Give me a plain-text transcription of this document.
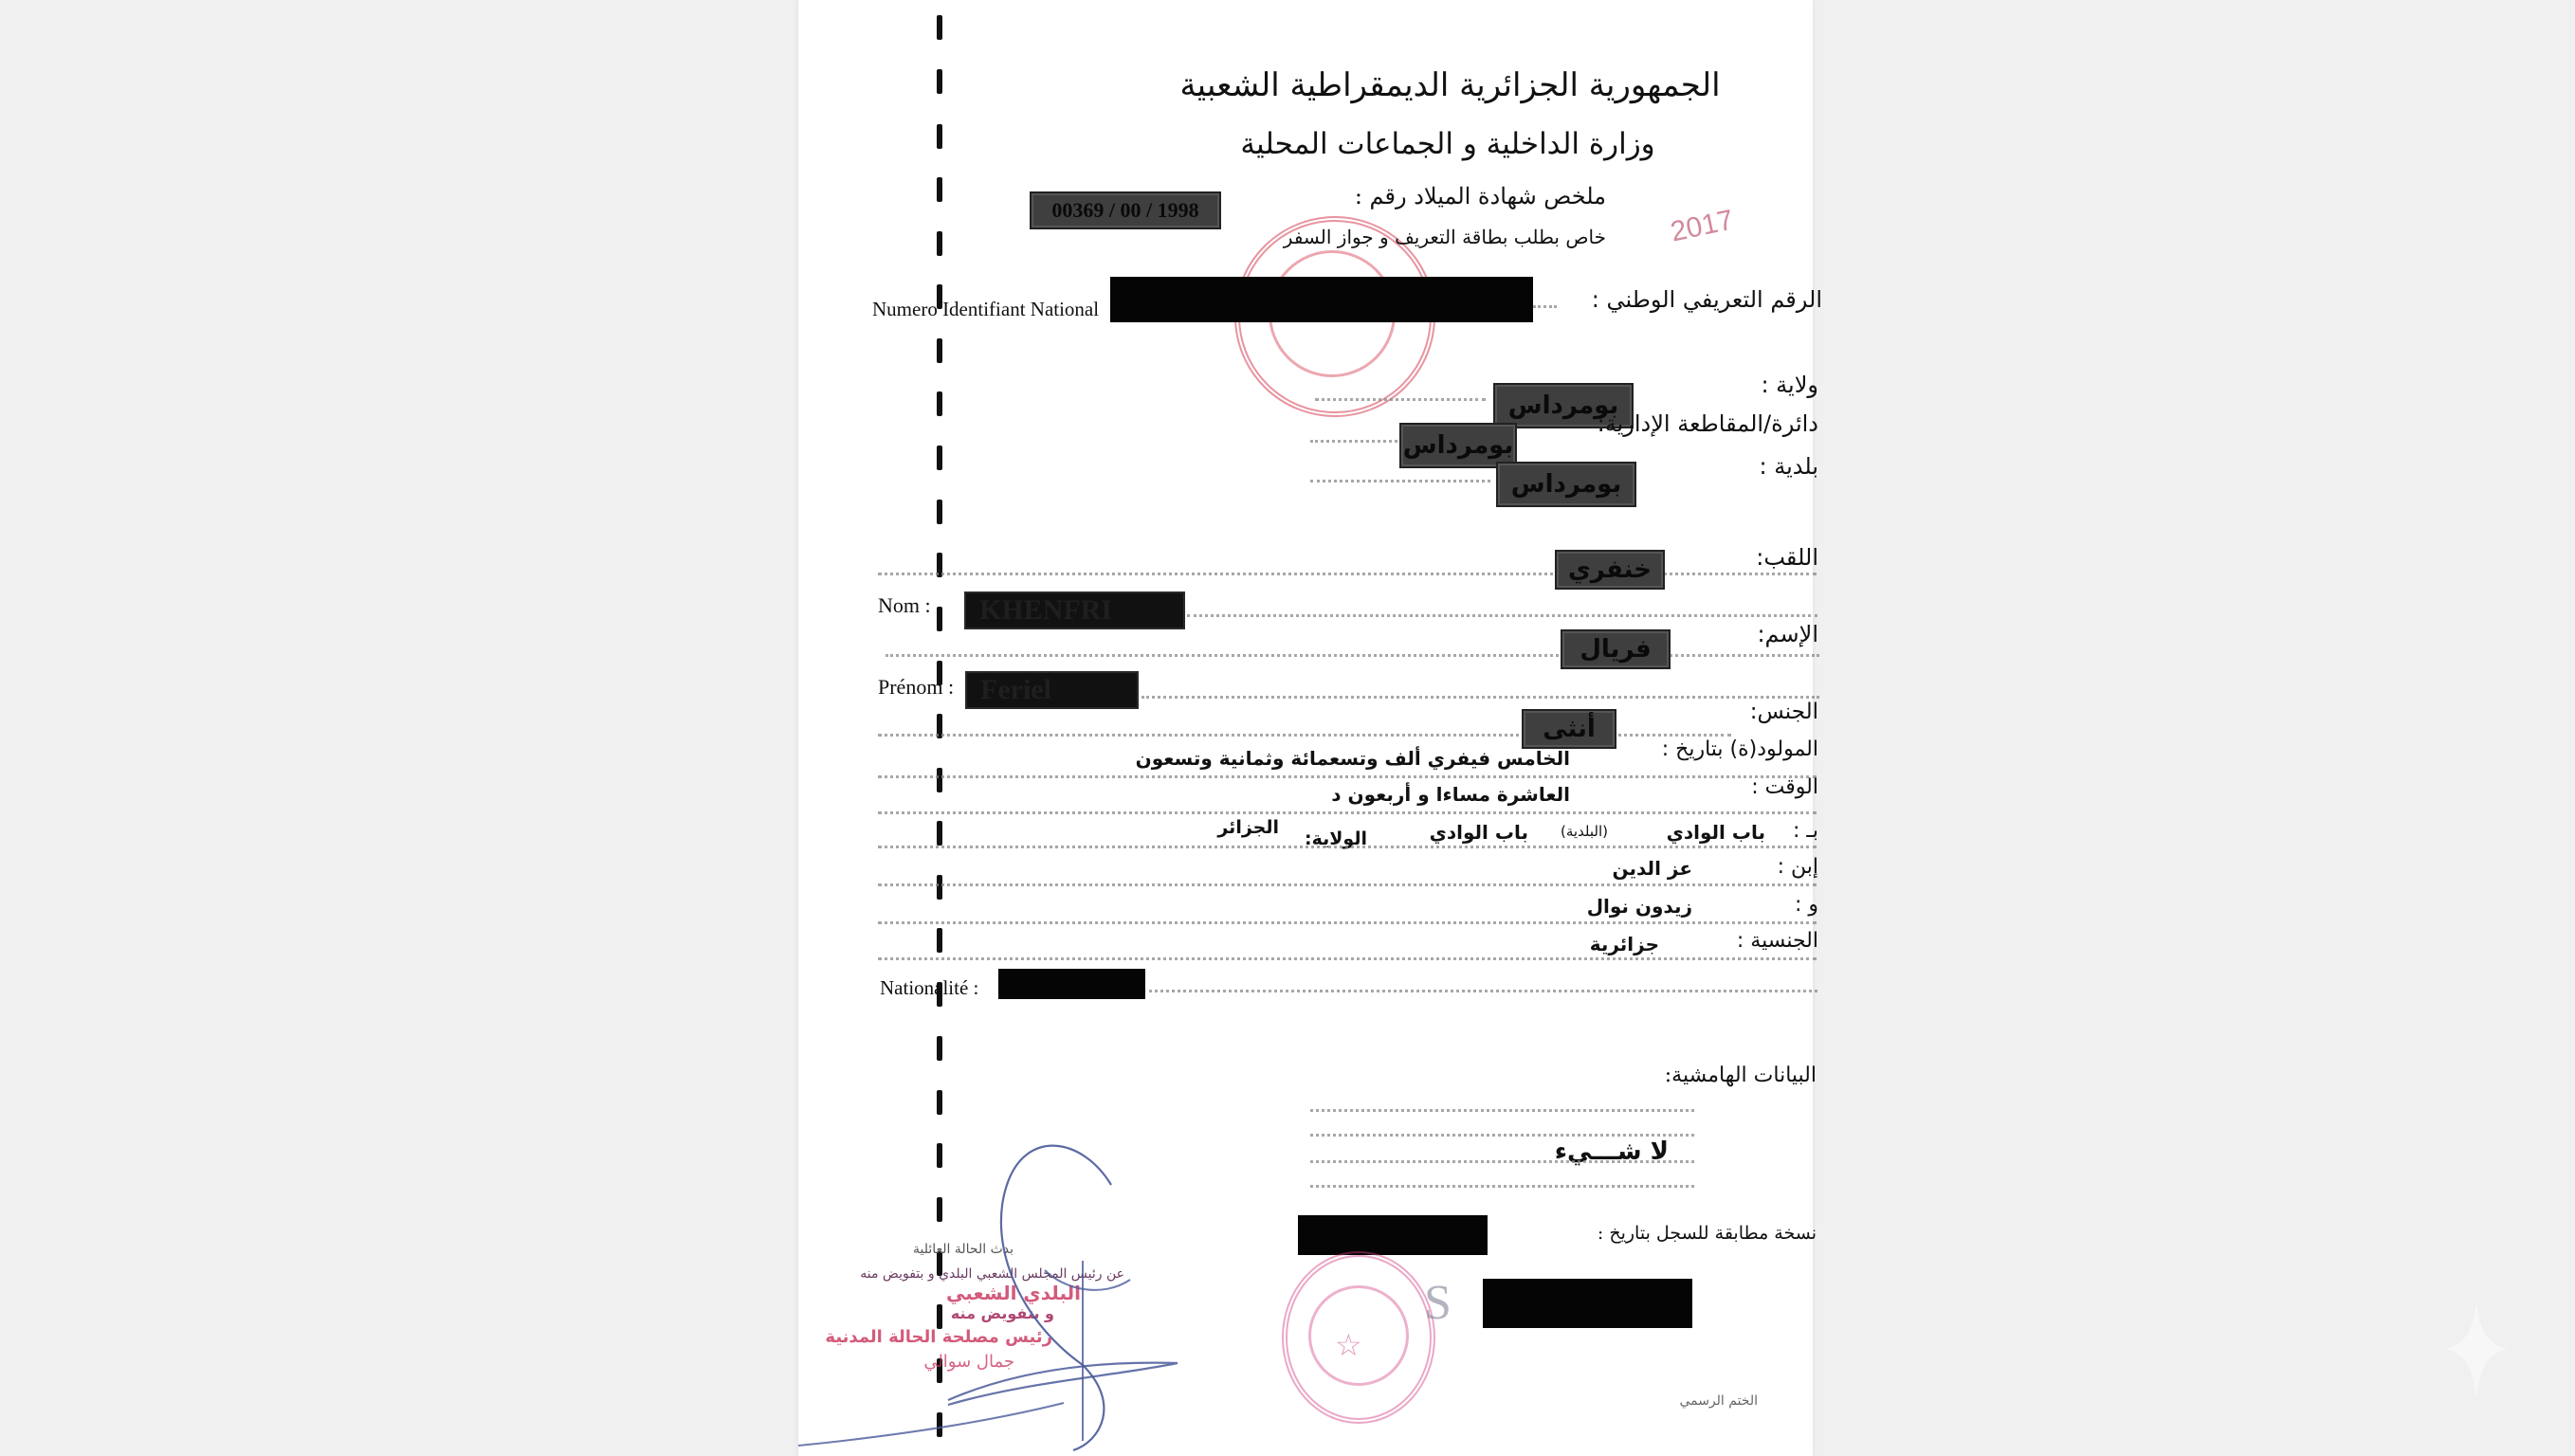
2017
الجمهورية الجزائرية الديمقراطية الشعبية
وزارة الداخلية و الجماعات المحلية
ملخص شهادة الميلاد رقم :
00369 / 00 / 1998
خاص بطلب بطاقة التعريف و جواز السفر
Numero Identifiant National	الرقم التعريفي الوطني :
ولاية :
بومرداس
دائرة/المقاطعة الإدارية:
بومرداس
بلدية :
بومرداس
اللقب:
خنفري
Nom :	KHENFRI
الإسم:
فريال
Prénom : Feriel
الجنس:
أنثى
المولود(ة) بتاريخ :
الخامس فيفري ألف وتسعمائة وثمانية وتسعون
الوقت :
العاشرة مساءا و أربعون د
بـ :
باب الوادي
(البلدية)
باب الوادي
الولاية:
الجزائر
إبن :
عز الدين
و :
زيدون نوال
الجنسية :
جزائرية
Nationalité :
البيانات الهامشية:
لا شـــيء
نسخة مطابقة للسجل بتاريخ :
☆
S
بدث الحالة العائلية
عن رئيس المجلس الشعبي البلدي و بتفويض منه
البلدي الشعبي
و بتفويض منه
رئيس مصلحة الحالة المدنية
جمال سوالي
الختم الرسمي
